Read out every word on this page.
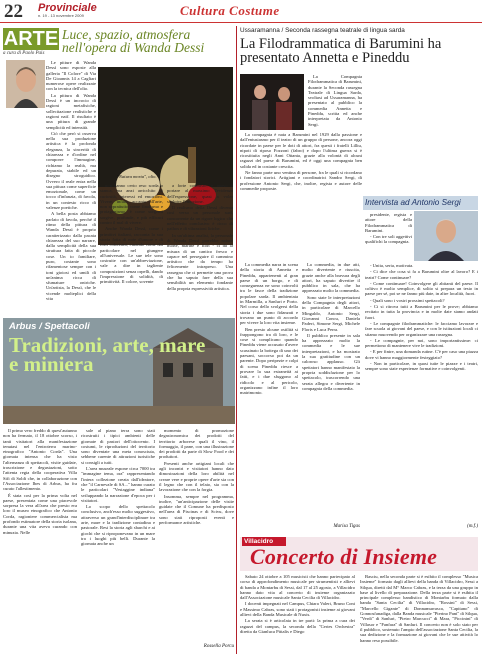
22 Provinciale
n. 19 - 13 novembre 2009	Cultura Costume
ARTE
a cura di Paolo Pais
Luce, spazio, atmosfera nell'opera di Wanda Dessi

Le pitture di Wanda Dessì sono esposte alla galleria "Il Colore" di Via De Gioannis 14 a Cagliari numerose opere realizzate con la tecnica dell'olio.

La pittura di Wanda Dessì è un incrocio di ragioni metafisiche, sollecitazione realistiche e ragioni naif. Il risultato è una pittura di grande semplicità ed intensità.

Ciò che però si osserva nella sua produzione artistica è la profonda eleganza, la sincerità di chiarezza e d'ordine nel comporre l'immagine, richiamo la realtà, ma depurata, stabile ed un disegno stroguidico. Ovvero il reale entra nella sua pittura come superficie emozionale, come un tocco d'infanzia, di favola, in un contesto ricco di valenze poetiche.

A bella posta abbiamo parlato di favola, perché il ritmo della pittura di Wanda Dessì è proprio caratterizzato dalla pacata chiarezza del suo narrare, dalla semplicità della sua struttura fatta di piccole cose. Un io familiare, puro, costante sono rifamentose sempre con i toni gioiosi ed umili di un'anima ricca di sfumature oniriche. Un'artista, la Dessì, che le vicende molteplici della vita

"Natura morta", olio.

non hanno certo reso sorda o stanca, ma anzi arricchito di curiosità, interessi ed emozioni. Vivere, infatti, accanto all'arte, non soprattutto come finalismo e protagonismo, è come sorgenti sorgive, profonde, e più efficaci contro il mal di vivere.

Anche Wanda Dessì, come i primitivi italiani, racconta la sua storia fatta di note d'umore e di forti colorismi, curando come dal particolare nel giungere all'universale. Le sue tele sono costruite con un'abbreviazione, vale a dire in tagliente composizioni senza orpelli, dando l'impressione di solidità, di primitività. Il colore, sovente

a forte contrasto, è inteso a portare al massimo l'evidenza dell'espressione, quasi a voler scolpire l'emozione.

Il realismo della Dessì diventa così verso un personale surf, concorrente da un rigore logico che nell'effetto conclusivo è ricco di pathos e di vibrazioni liriche.

In un'ultima analisi, la personale di Wanda Dessì parrebbe nature morte, marine e fiori - ci dà la misura di un cantico fresco e capace nel perseguire il cammino artistico che da tempo ha felicemente intrapreso. Una rassegna che ci permette una prova che ha saputo fare della sua sensibilità un elemento fondante della propria espressività artistica.

Arbus / Spettacoli
Tradizioni, arte, mare e miniera

Il primo vero freddo di quest'autunno non ha fermato, il 18 ottobre scorso, i tanti visitatori alla manifestazione tenutasi nel l'entroterra marino-etnografico "Antonio Corda". Una giornata intensa che ha visto l'alternanza di spettacoli, visite guidate, trascrizione e degustazioni, sotto l'attenta regia della cooperativa Villa Sifi di Soldi che, in collaborazione con l'Associazione Ibes di Arbus, ha fra curato l'allestimento.

È stata così per la prima volta nel paese, presentata come una piacevole sorpresa la vera all'area che presto era loro il museo etnografico che Antonio Corda, ragioniere commercialista ma profondo estimatore della storia isolana, durante una vita aveva curando con minuzia. Nelle

sale al piano terra sono stati ricostruiti i tipici ambienti delle giornate di pastori dell'ottocento. I costumi, le riproduzioni del territorio sono diventate una meta conosciuta, sebbene carente di attrazioni turistiche si consigli a tutti.

L'area museale espone circa 7000 tra "immagine tema, ora" rappresentando l'intera collezione creata dall'ideatore, che "il Carnevale di SA..." hanno curato le particolari "Vestaggine indiana" sviluppando la narrazione d'epoca per i visitatori.

Lo scopo dello spettacolo conclusivo, anch'esso molto suggestivo, attraverso un grand'interdisciplinare tra arte, mare e la tradizione contadina e pastorale. Resi la storia agli sbarchi e ai giochi che si riproponevano in un mare tra i luoghi più belli. Durante la giornata anche un

momento di promozione degastronomica dei prodotti del territorio arborese quali il vino, il formaggio, il pane, con una illustrazione dei prodotti da parte di Slow Food e dei produttori.

Presenti anche artigiani locali che agli incontri e visitatori hanno dato dimostrazioni della loro abilità nel creare vere e proprie opere d'arte sia con il legno che con il telaio, sia con la lavorazione che con la forgia.

Insomma, sempre nel programma, inoltre, "un'anticipazione delle visite guidate che il Comune ha predisposto nell'area di Piscinas e di Scivu, dove sono stati riproposti eventi e performance artistiche.

Rossella Porcu
Ussaramanna / Seconda rassegna teatrale di lingua sarda
La Filodrammatica di Barumini ha presentato Annetta e Pineddu

La Compagnia Filodrammatica di Barumini, durante la Seconda rassegna Teatrale di Lingua Sarda, svoltasi ad Ussaramanna, ha presentato al pubblico la commedia Annetta e Pineddu, scritta ed anche interpretata da Antonio Sergi.

La compagnia è nata a Barumini nel 1929 dalla passione e dall'entusiasmo per il teatro di un gruppo di persone, ancora oggi ricordate in paese per le doti di attori, fra questi i fratelli Lilliu, nipoti di riposo Fozzoni (fabro) e dopo l'ultima guerra si è ricostituita negli Anni Ottanta, grazie alla volontà di alcuni ragazzi del paese di Barumini, ed è oggi una compagnia ben solida ed in costante crescita.

Ne fanno parte uno ventina di persone, fra le quali si ricordano i fondatori storici. Artigiani e coordinatrici Sandro Sergi, di professione Antonio Sergi, che, inoltre, regista e autore delle commedie proposte.

La commedia narra in scena della storia di Annetta e Pineddu, appartenenti al gran paese di un borgo, e di conseguenza ne sono coinvolti tra le fasce della tradizione popolare sarda. Il ambientata in Marmilla, a Sanluri e Porto. Nel corso dello svolgersi della storia i due sono fidanzati e trovano un punto di accordo per vivere la loro vita insieme.

Ben presto alcune ostilità si frappongono tra di loro, e le cose si complicano quando Pineddu viene accusato d'avere scassinato la bottega di uno dei paesani, soccorso poi da un parente. Dopo peripezie e colpi di scena Pineddu riesce a provare la sua estraneità ai fatti, e i due sfuggono al ridicolo e al pericolo, organizzano infine il loro matrimonio.

La commedia, in due atti, molto divertente e riuscita, grazie anche alla bravura degli attori, ha saputo divertire il pubblico in sala, che ha apprezzato molto la commedia.

Sono state le interpretazioni della Compagnia degli attori, in particolare di Marcello Mingaldo, Antonio Sergi, Giovanni Concu, Daniela Paderi, Simone Sergi, Michele Floris e Luca Perra.

Il pubblico presente in sala ha apprezzato molto la commedia e le sue interpretazioni, e ha mostrato la sua gratitudine con un caloroso applauso. Gli spettatori hanno manifestato la propria soddisfazione per lo spettacolo, trascorrendo una serata allegra e divertente in compagnia della commedia.

Marisa Tigas
Intervista ad Antonio Sergi

presidente, regista e attore della Filodrammatica di Barumini.

- Con tre soli aggettivi qualifichi la compagnia.

- Unita, seria, motivata.

- Ci dice che cosa si fa a Barumini oltre al lavoro? E i teatri? Come continuare?

- Come continuare! Coinvolgere gli abitanti del paese. Il coltivo è molto semplice, di solito si prepara un testo in paese per sé, poi se ne fanno più date, in altre località, fuori.

- Quali sono i vostri prossimi spettacoli?

- Ci si ritrova tutti a Barumini per le prove; abbiamo recitato in tutta la provincia e in molte date siamo andati fuori.

- Le compagnie filodrammatiche: le facciamo lavorare e fare scuola ai giovani del paese, e con le istituzioni locali ci stiamo muovendo per organizzare una rassegna.

- Le compagnie, per noi, sono importantissime: ci permettono di mantenere vive le tradizioni.

- E per finire, una domanda rutine. C'è per caso una piazza dove vi hanno maggiormente festeggiato?

- Non in particolare, in quasi tutte le piazze e i teatri, sempre sono state esperienze formative e coinvolgenti.

(m.f.)
Villacidro
Concerto di Insieme

Sabato 24 ottobre a 105 musicisti che hanno partecipato al corso di approfondimento musicale per strumentisti e allievi di banda a Montarbu di Sessi, dal 17 al 25 agosto, a Villacidro hanno dato vita al concerto di insieme organizzato dall'Associazione musicale Santa Cecilia di Villacidro.

I docenti impegnati nel Campus, Chiara Valeri, Bruno Coni e Massimo Cabras, sono stati i protagonisti insieme ai giovani allievi della Banda Musicale di Nuxis.

La serata si è articolata in tre parti: la prima a cura dei ragazzi del campus, la seconda della "Ceries Orchestra" diretta da Gianluca Pittalis e Diego

Basciu, nella seconda parte si è esibito il complesso "Musica Insieme" formato dagli allievi della banda di Villacidro, Sessi a Silqua, diretti dal M° Marco Cabras, e la terza da una gruppo in base al livello di preparazione. Della terza parte si è esibita il principale complesso bandistico di Montarbu formato dalla banda "Santa Cecilia" di Villacidro, "Rossini" di Sessi, "Marcello Gigante" di Donnamurrasca, "Capitano" di Gonnosfanadiga, dalla Banda musicale "Pierino Pani" di Silqua, "Verdi" di Sanluri, "Pietro Marcucci" di Mara, "Piccinini" di Villasor e "Fanfara" di Sanluri. Il concerto non è solo stato per il pubblico, sostenuto l'ampio dell'associazione Santa Cecilia, la sua dedizione e la formazione ai giovani che le sue attività lo hanno reso possibile.
